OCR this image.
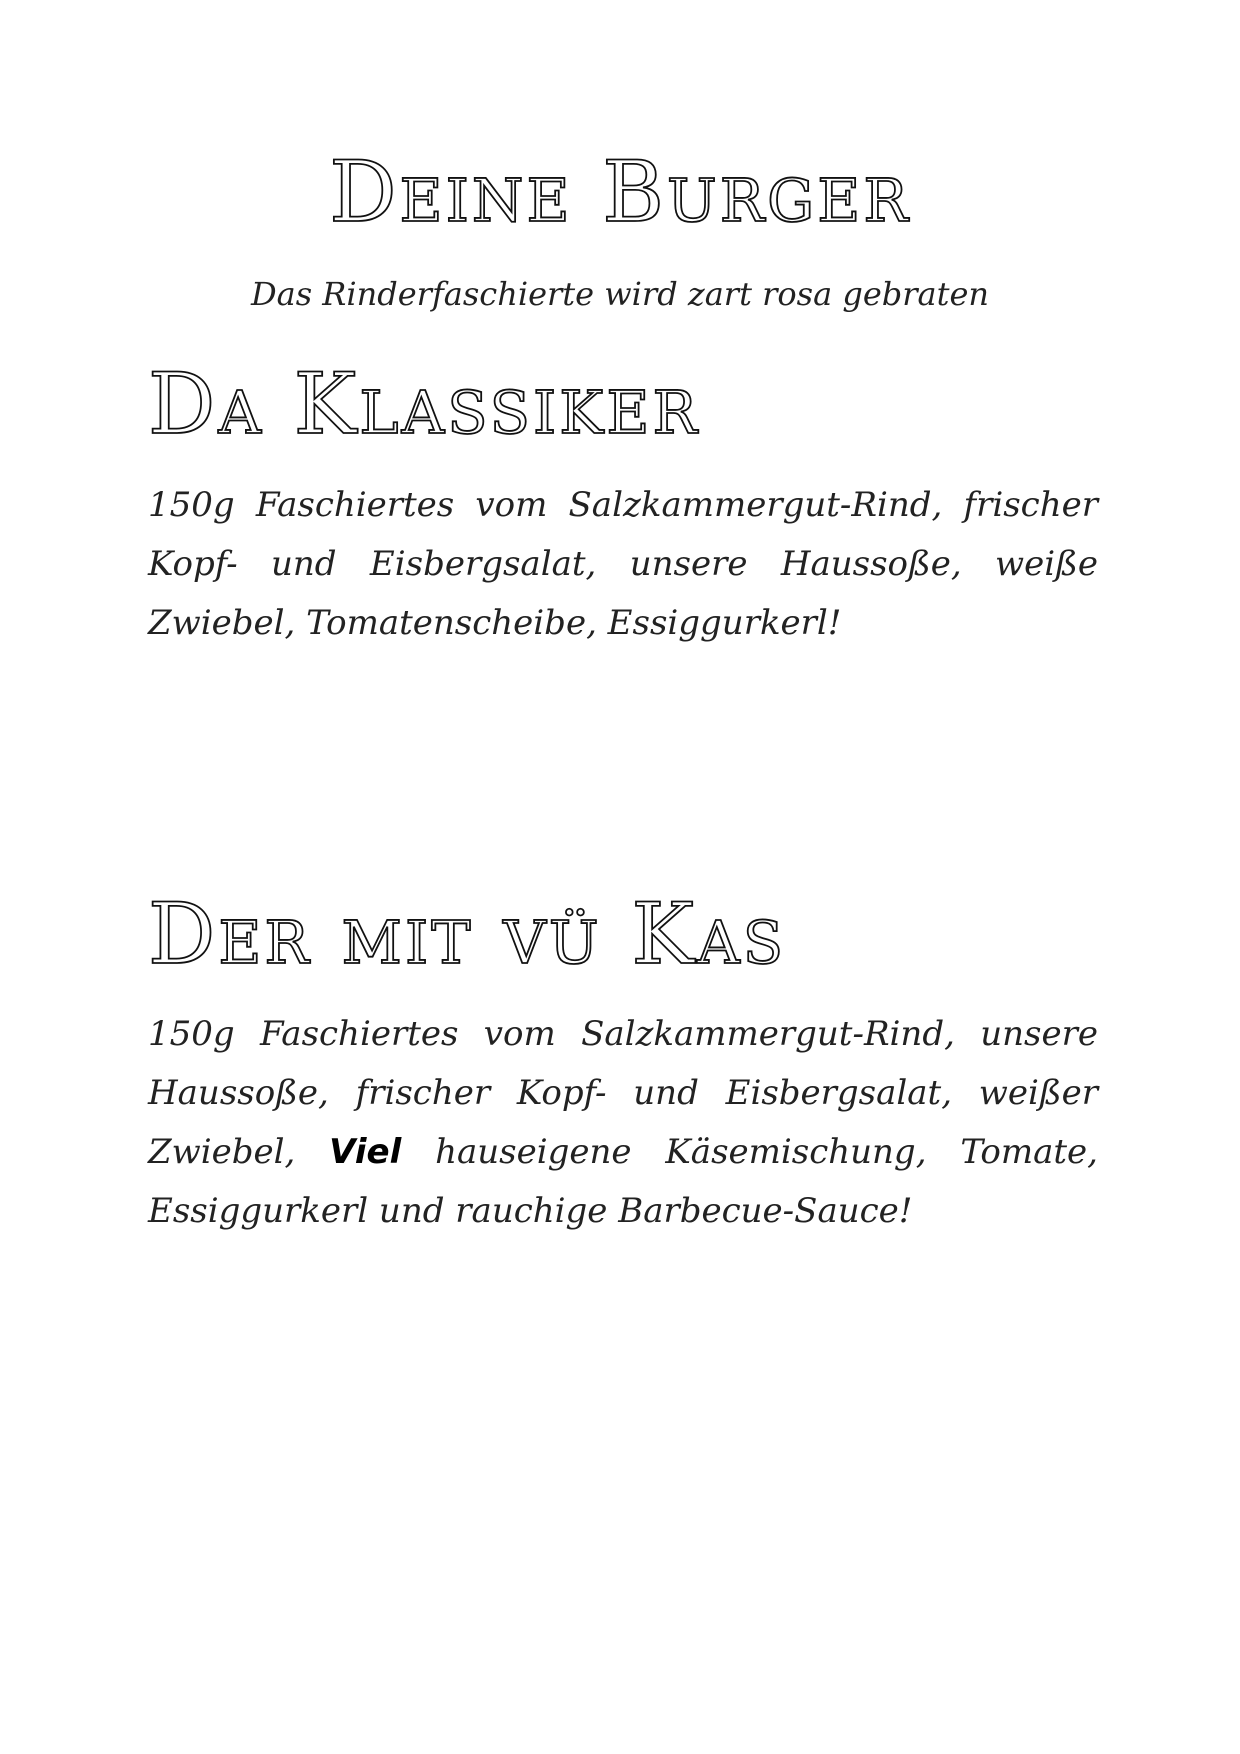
Deine Burger
Das Rinderfaschierte wird zart rosa gebraten
Da Klassiker
150g Faschiertes vom Salzkammergut-Rind, frischer Kopf- und Eisbergsalat, unsere Haussoße, weiße Zwiebel, Tomatenscheibe, Essiggurkerl!
Der mit vü Kas
150g Faschiertes vom Salzkammergut-Rind, unsere Haussoße, frischer Kopf- und Eisbergsalat, weißer Zwiebel, Viel hauseigene Käsemischung, Tomate, Essiggurkerl und rauchige Barbecue-Sauce!
